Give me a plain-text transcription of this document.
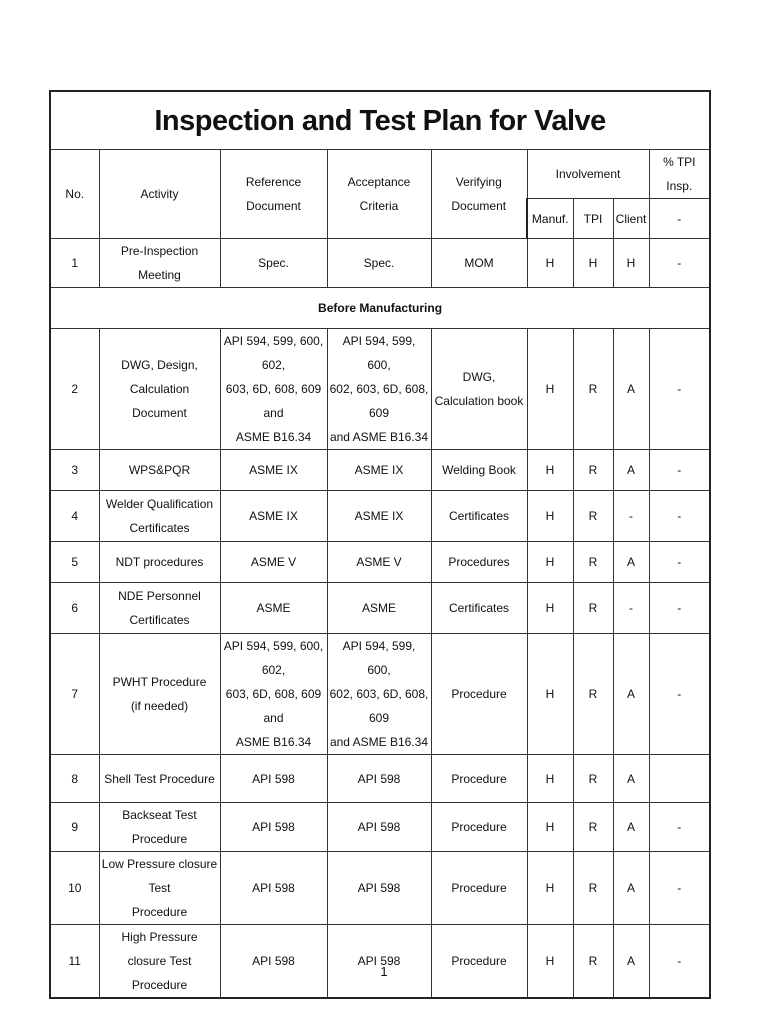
Inspection and Test Plan for Valve								
No.	Activity	Reference Document	Acceptance Criteria	Verifying Document	Involvement			% TPI Insp.
					Manuf.	TPI	Client	-
1	Pre-Inspection Meeting	Spec.	Spec.	MOM	H	H	H	-
Before Manufacturing								
2	DWG, Design,
Calculation Document	API 594, 599, 600, 602,
603, 6D, 608, 609 and
ASME B16.34	API 594, 599, 600,
602, 603, 6D, 608, 609
and ASME B16.34	DWG,
Calculation book	H	R	A	-
3	WPS&PQR	ASME IX	ASME IX	Welding Book	H	R	A	-
4	Welder Qualification
Certificates	ASME IX	ASME IX	Certificates	H	R	-	-
5	NDT procedures	ASME V	ASME V	Procedures	H	R	A	-
6	NDE Personnel
Certificates	ASME	ASME	Certificates	H	R	-	-
7	PWHT Procedure
(if needed)	API 594, 599, 600, 602,
603, 6D, 608, 609 and
ASME B16.34	API 594, 599, 600,
602, 603, 6D, 608, 609
and ASME B16.34	Procedure	H	R	A	-
8	Shell Test Procedure	API 598	API 598	Procedure	H	R	A	
9	Backseat Test Procedure	API 598	API 598	Procedure	H	R	A	-
10	Low Pressure closure Test
Procedure	API 598	API 598	Procedure	H	R	A	-
11	High Pressure closure Test
Procedure	API 598	API 598	Procedure	H	R	A	-
1
